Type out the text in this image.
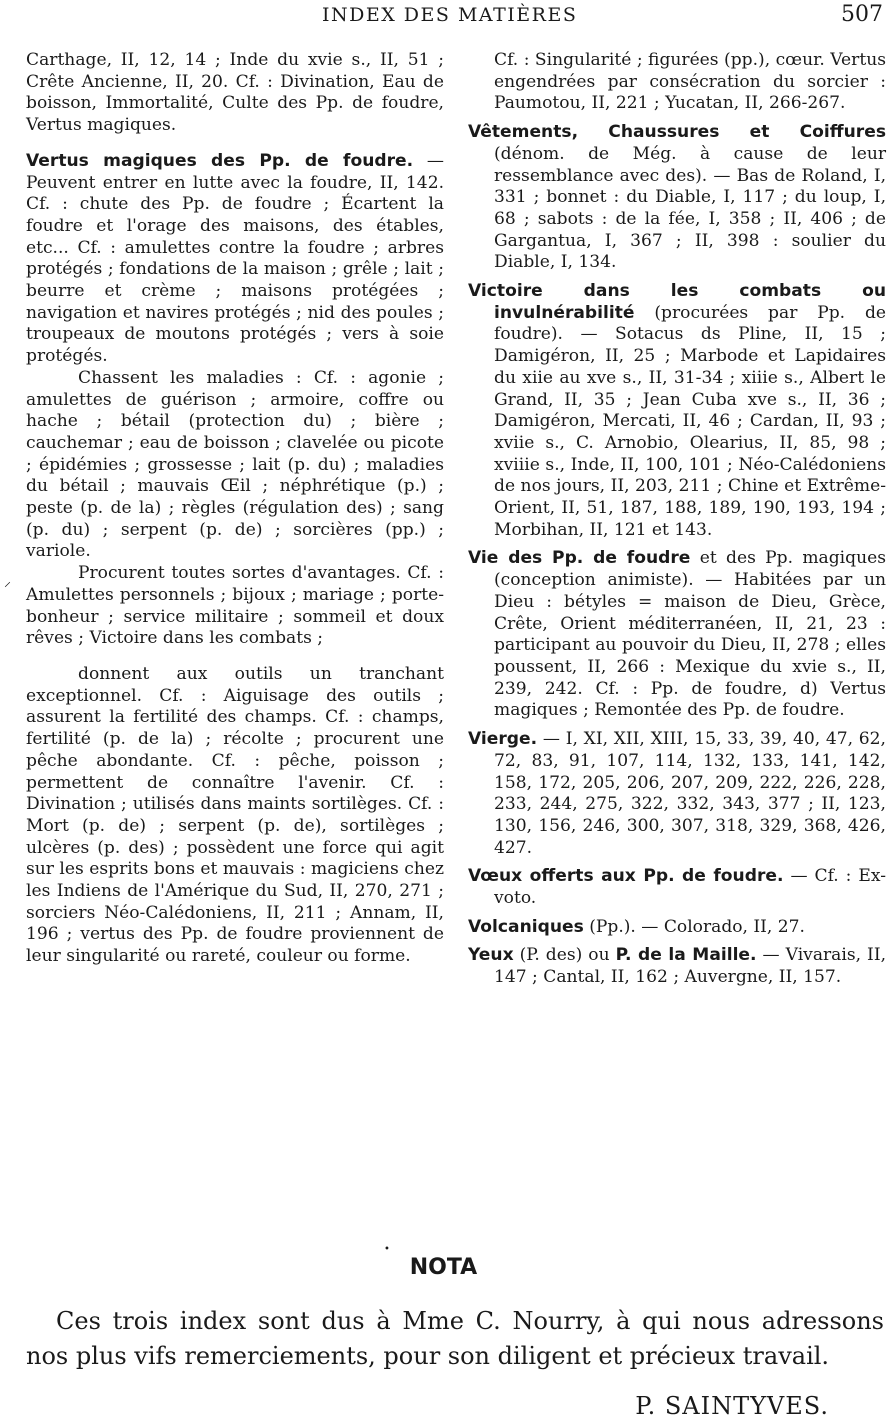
INDEX DES MATIÈRES	507
⸝

Carthage, II, 12, 14 ; Inde du xvie s., II, 51 ; Crête Ancienne, II, 20. Cf. : Divination, Eau de boisson, Immortalité, Culte des Pp. de foudre, Vertus magiques.

Vertus magiques des Pp. de foudre. — Peuvent entrer en lutte avec la foudre, II, 142. Cf. : chute des Pp. de foudre ; Écartent la foudre et l'orage des maisons, des étables, etc... Cf. : amulettes contre la foudre ; arbres protégés ; fondations de la maison ; grêle ; lait ; beurre et crème ; maisons protégées ; navigation et navires protégés ; nid des poules ; troupeaux de moutons protégés ; vers à soie protégés.

Chassent les maladies : Cf. : agonie ; amulettes de guérison ; armoire, coffre ou hache ; bétail (protection du) ; bière ; cauchemar ; eau de boisson ; clavelée ou picote ; épidémies ; grossesse ; lait (p. du) ; maladies du bétail ; mauvais Œil ; néphrétique (p.) ; peste (p. de la) ; règles (régulation des) ; sang (p. du) ; serpent (p. de) ; sorcières (pp.) ; variole.

Procurent toutes sortes d'avantages. Cf. : Amulettes personnels ; bijoux ; mariage ; porte-bonheur ; service militaire ; sommeil et doux rêves ; Victoire dans les combats ;

donnent aux outils un tranchant exceptionnel. Cf. : Aiguisage des outils ; assurent la fertilité des champs. Cf. : champs, fertilité (p. de la) ; récolte ; procurent une pêche abondante. Cf. : pêche, poisson ; permettent de connaître l'avenir. Cf. : Divination ; utilisés dans maints sortilèges. Cf. : Mort (p. de) ; serpent (p. de), sortilèges ; ulcères (p. des) ; possèdent une force qui agit sur les esprits bons et mauvais : magiciens chez les Indiens de l'Amérique du Sud, II, 270, 271 ; sorciers Néo-Calédoniens, II, 211 ; Annam, II, 196 ; vertus des Pp. de foudre proviennent de leur singularité ou rareté, couleur ou forme.

Cf. : Singularité ; figurées (pp.), cœur. Vertus engendrées par consécration du sorcier : Paumotou, II, 221 ; Yucatan, II, 266-267.

Vêtements, Chaussures et Coiffures (dénom. de Még. à cause de leur ressemblance avec des). — Bas de Roland, I, 331 ; bonnet : du Diable, I, 117 ; du loup, I, 68 ; sabots : de la fée, I, 358 ; II, 406 ; de Gargantua, I, 367 ; II, 398 : soulier du Diable, I, 134.

Victoire dans les combats ou invulnérabilité (procurées par Pp. de foudre). — Sotacus ds Pline, II, 15 ; Damigéron, II, 25 ; Marbode et Lapidaires du xiie au xve s., II, 31-34 ; xiiie s., Albert le Grand, II, 35 ; Jean Cuba xve s., II, 36 ; Damigéron, Mercati, II, 46 ; Cardan, II, 93 ; xviie s., C. Arnobio, Olearius, II, 85, 98 ; xviiie s., Inde, II, 100, 101 ; Néo-Calédoniens de nos jours, II, 203, 211 ; Chine et Extrême-Orient, II, 51, 187, 188, 189, 190, 193, 194 ; Morbihan, II, 121 et 143.

Vie des Pp. de foudre et des Pp. magiques (conception animiste). — Habitées par un Dieu : bétyles = maison de Dieu, Grèce, Crête, Orient méditerranéen, II, 21, 23 : participant au pouvoir du Dieu, II, 278 ; elles poussent, II, 266 : Mexique du xvie s., II, 239, 242. Cf. : Pp. de foudre, d) Vertus magiques ; Remontée des Pp. de foudre.

Vierge. — I, XI, XII, XIII, 15, 33, 39, 40, 47, 62, 72, 83, 91, 107, 114, 132, 133, 141, 142, 158, 172, 205, 206, 207, 209, 222, 226, 228, 233, 244, 275, 322, 332, 343, 377 ; II, 123, 130, 156, 246, 300, 307, 318, 329, 368, 426, 427.

Vœux offerts aux Pp. de foudre. — Cf. : Ex-voto.

Volcaniques (Pp.). — Colorado, II, 27.

Yeux (P. des) ou P. de la Maille. — Vivarais, II, 147 ; Cantal, II, 162 ; Auvergne, II, 157.

•
NOTA

Ces trois index sont dus à Mme C. Nourry, à qui nous adressons nos plus vifs remerciements, pour son diligent et précieux travail.

P. SAINTYVES.
